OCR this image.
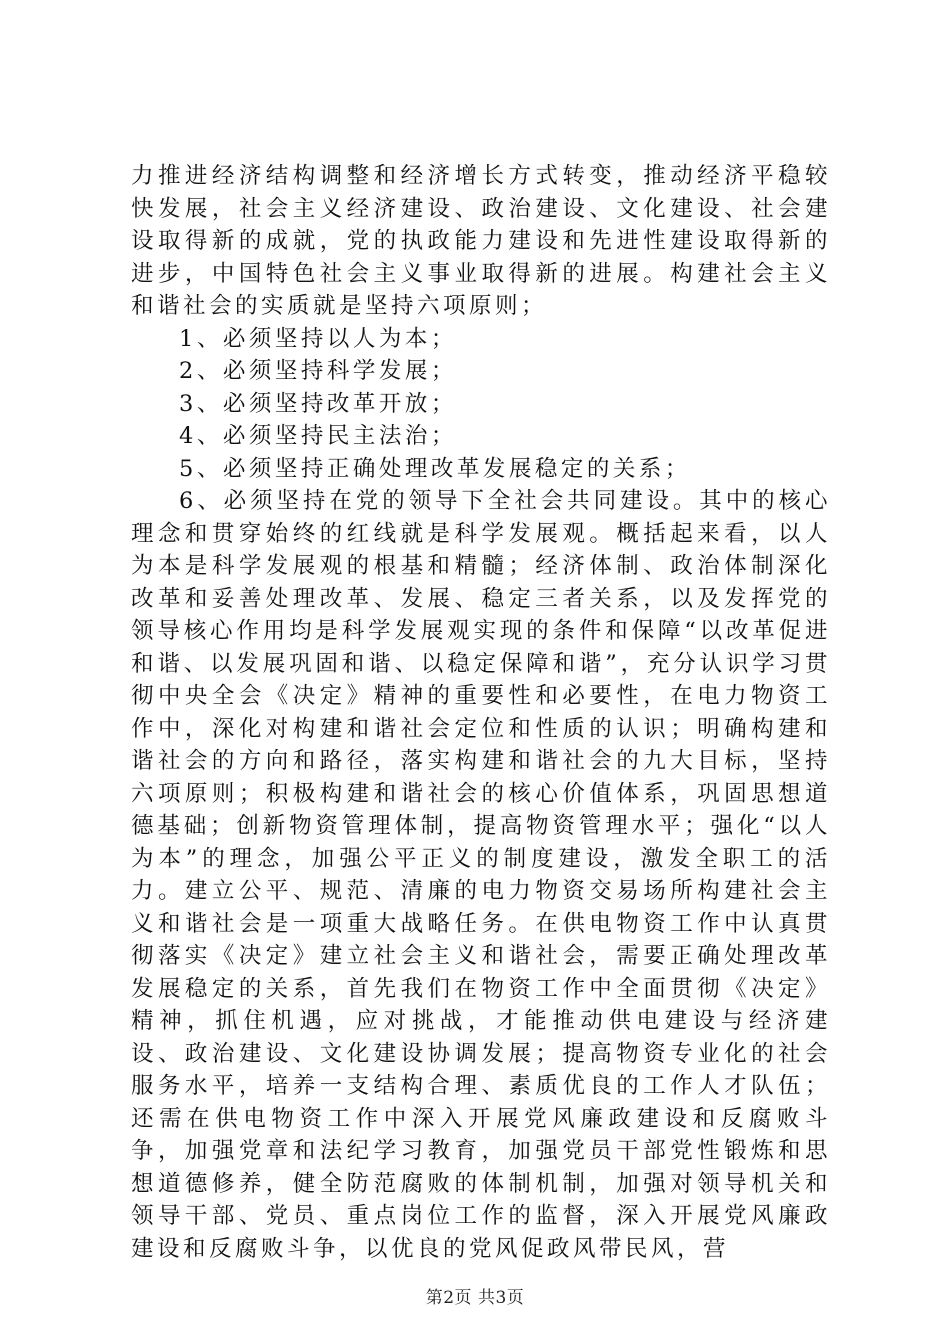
力推进经济结构调整和经济增长方式转变，推动经济平稳较快发展，社会主义经济建设、政治建设、文化建设、社会建设取得新的成就，党的执政能力建设和先进性建设取得新的进步，中国特色社会主义事业取得新的进展。构建社会主义和谐社会的实质就是坚持六项原则；

1、必须坚持以人为本；

2、必须坚持科学发展；

3、必须坚持改革开放；

4、必须坚持民主法治；

5、必须坚持正确处理改革发展稳定的关系；

6、必须坚持在党的领导下全社会共同建设。其中的核心理念和贯穿始终的红线就是科学发展观。概括起来看，以人为本是科学发展观的根基和精髓；经济体制、政治体制深化改革和妥善处理改革、发展、稳定三者关系，以及发挥党的领导核心作用均是科学发展观实现的条件和保障“以改革促进和谐、以发展巩固和谐、以稳定保障和谐”，充分认识学习贯彻中央全会《决定》精神的重要性和必要性，在电力物资工作中，深化对构建和谐社会定位和性质的认识；明确构建和谐社会的方向和路径，落实构建和谐社会的九大目标，坚持六项原则；积极构建和谐社会的核心价值体系，巩固思想道德基础；创新物资管理体制，提高物资管理水平；强化“以人为本”的理念，加强公平正义的制度建设，激发全职工的活力。建立公平、规范、清廉的电力物资交易场所构建社会主义和谐社会是一项重大战略任务。在供电物资工作中认真贯彻落实《决定》建立社会主义和谐社会，需要正确处理改革发展稳定的关系，首先我们在物资工作中全面贯彻《决定》精神，抓住机遇，应对挑战，才能推动供电建设与经济建设、政治建设、文化建设协调发展；提高物资专业化的社会服务水平，培养一支结构合理、素质优良的工作人才队伍；还需在供电物资工作中深入开展党风廉政建设和反腐败斗争，加强党章和法纪学习教育，加强党员干部党性锻炼和思想道德修养，健全防范腐败的体制机制，加强对领导机关和领导干部、党员、重点岗位工作的监督，深入开展党风廉政建设和反腐败斗争，以优良的党风促政风带民风，营

第2页 共3页
